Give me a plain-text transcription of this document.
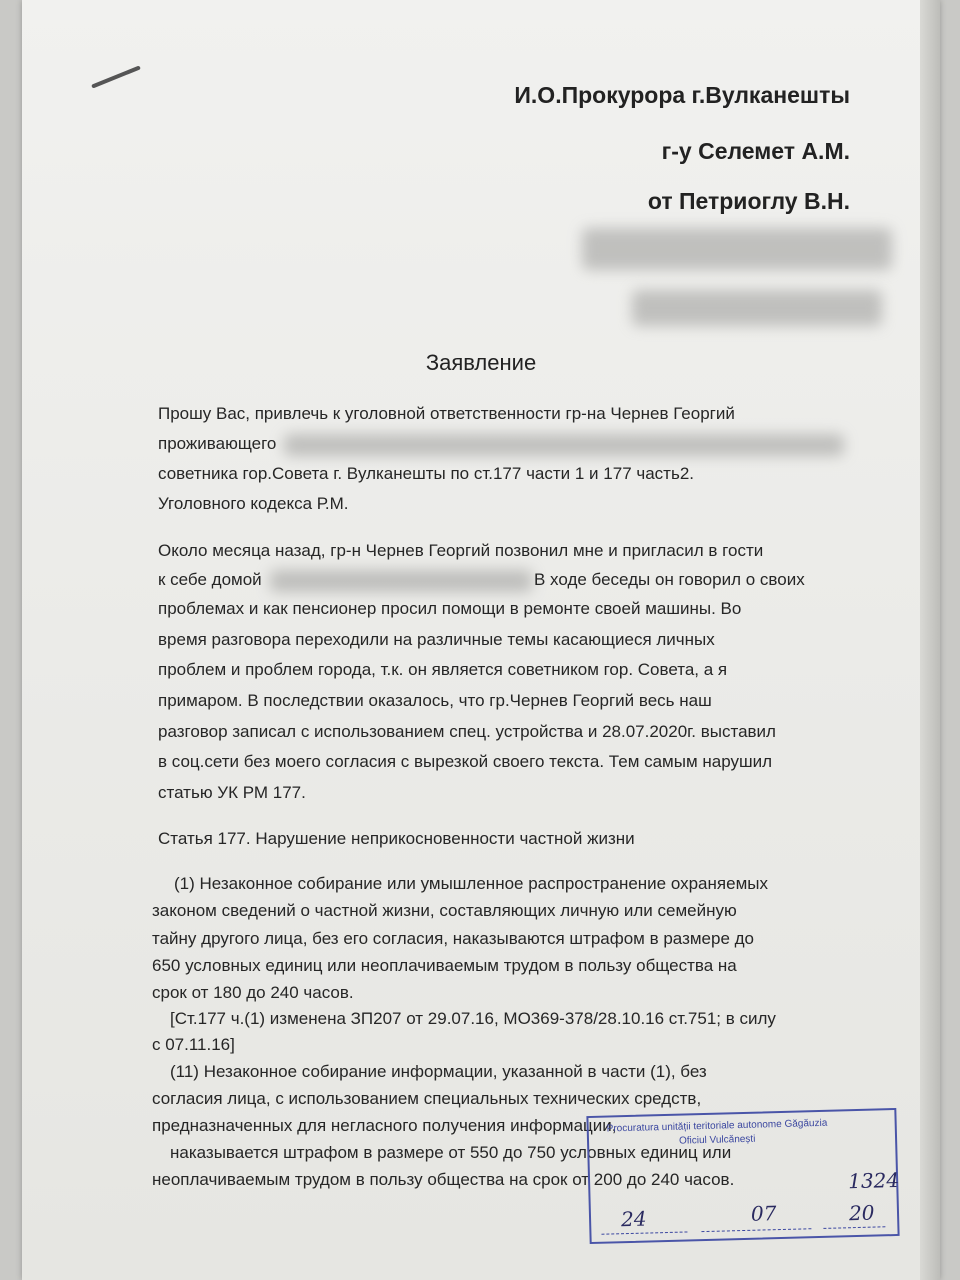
И.О.Прокурора г.Вулканешты
г-у Селемет А.М.
от Петриоглу В.Н.
Заявление
Прошу Вас, привлечь к уголовной ответственности гр-на Чернев Георгий
проживающего
советника гор.Совета г. Вулканешты по ст.177 части 1 и 177 часть2.
Уголовного кодекса Р.М.
Около месяца назад, гр-н Чернев Георгий позвонил мне и пригласил в гости
к себе домой	В ходе беседы он говорил о своих
проблемах и как пенсионер просил помощи в ремонте своей машины. Во
время разговора переходили на различные темы касающиеся личных
проблем и проблем города, т.к. он является советником гор. Совета, а я
примаром. В последствии оказалось, что гр.Чернев Георгий весь наш
разговор записал с использованием спец. устройства и 28.07.2020г. выставил
в соц.сети без моего согласия с вырезкой своего текста. Тем самым нарушил
статью УК РМ 177.
Статья 177. Нарушение неприкосновенности частной жизни
(1) Незаконное собирание или умышленное распространение охраняемых
законом сведений о частной жизни, составляющих личную или семейную
тайну другого лица, без его согласия, наказываются штрафом в размере до
650 условных единиц или неоплачиваемым трудом в пользу общества на
срок от 180 до 240 часов.
[Ст.177 ч.(1) изменена ЗП207 от 29.07.16, МО369-378/28.10.16 ст.751; в силу
с 07.11.16]
(11) Незаконное собирание информации, указанной в части (1), без
согласия лица, с использованием специальных технических средств,
предназначенных для негласного получения информации,
наказывается штрафом в размере от 550 до 750 условных единиц или
неоплачиваемым трудом в пользу общества на срок от 200 до 240 часов.
Procuratura unității teritoriale autonome Găgăuzia
Oficiul Vulcănești
1324
24	07	20
